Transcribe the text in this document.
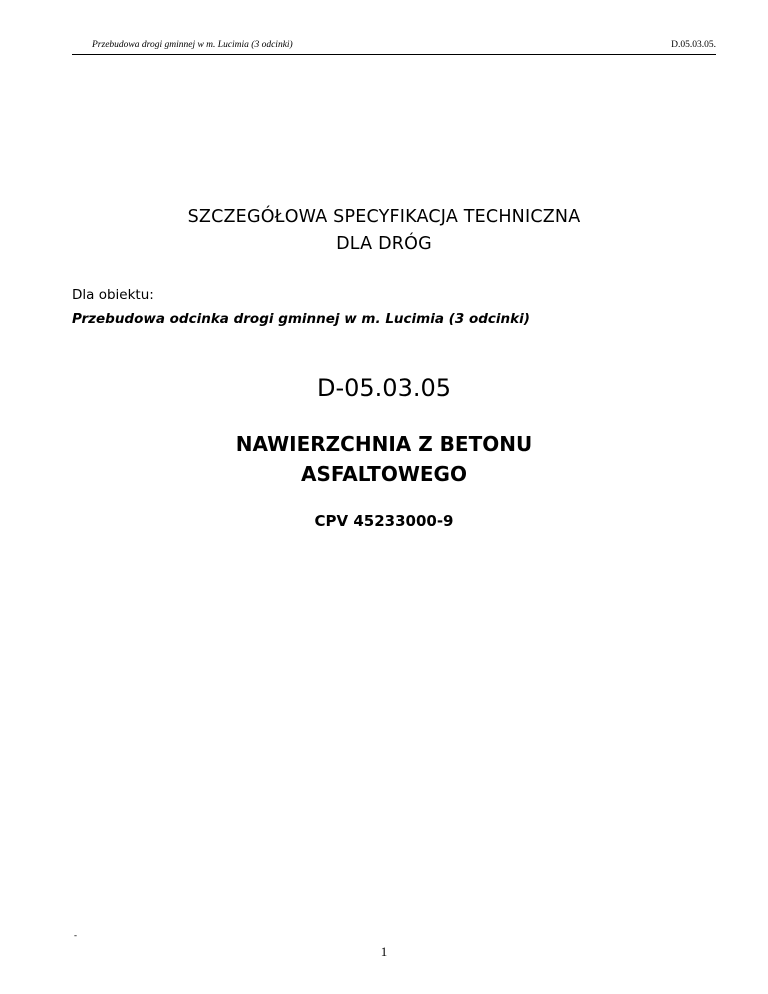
Przebudowa drogi gminnej w m. Lucimia (3 odcinki)	D.05.03.05.
SZCZEGÓŁOWA SPECYFIKACJA TECHNICZNA
DLA DRÓG
Dla obiektu:
Przebudowa odcinka drogi gminnej w m. Lucimia (3 odcinki)
D-05.03.05
NAWIERZCHNIA Z BETONU
ASFALTOWEGO
CPV 45233000-9
-
1
